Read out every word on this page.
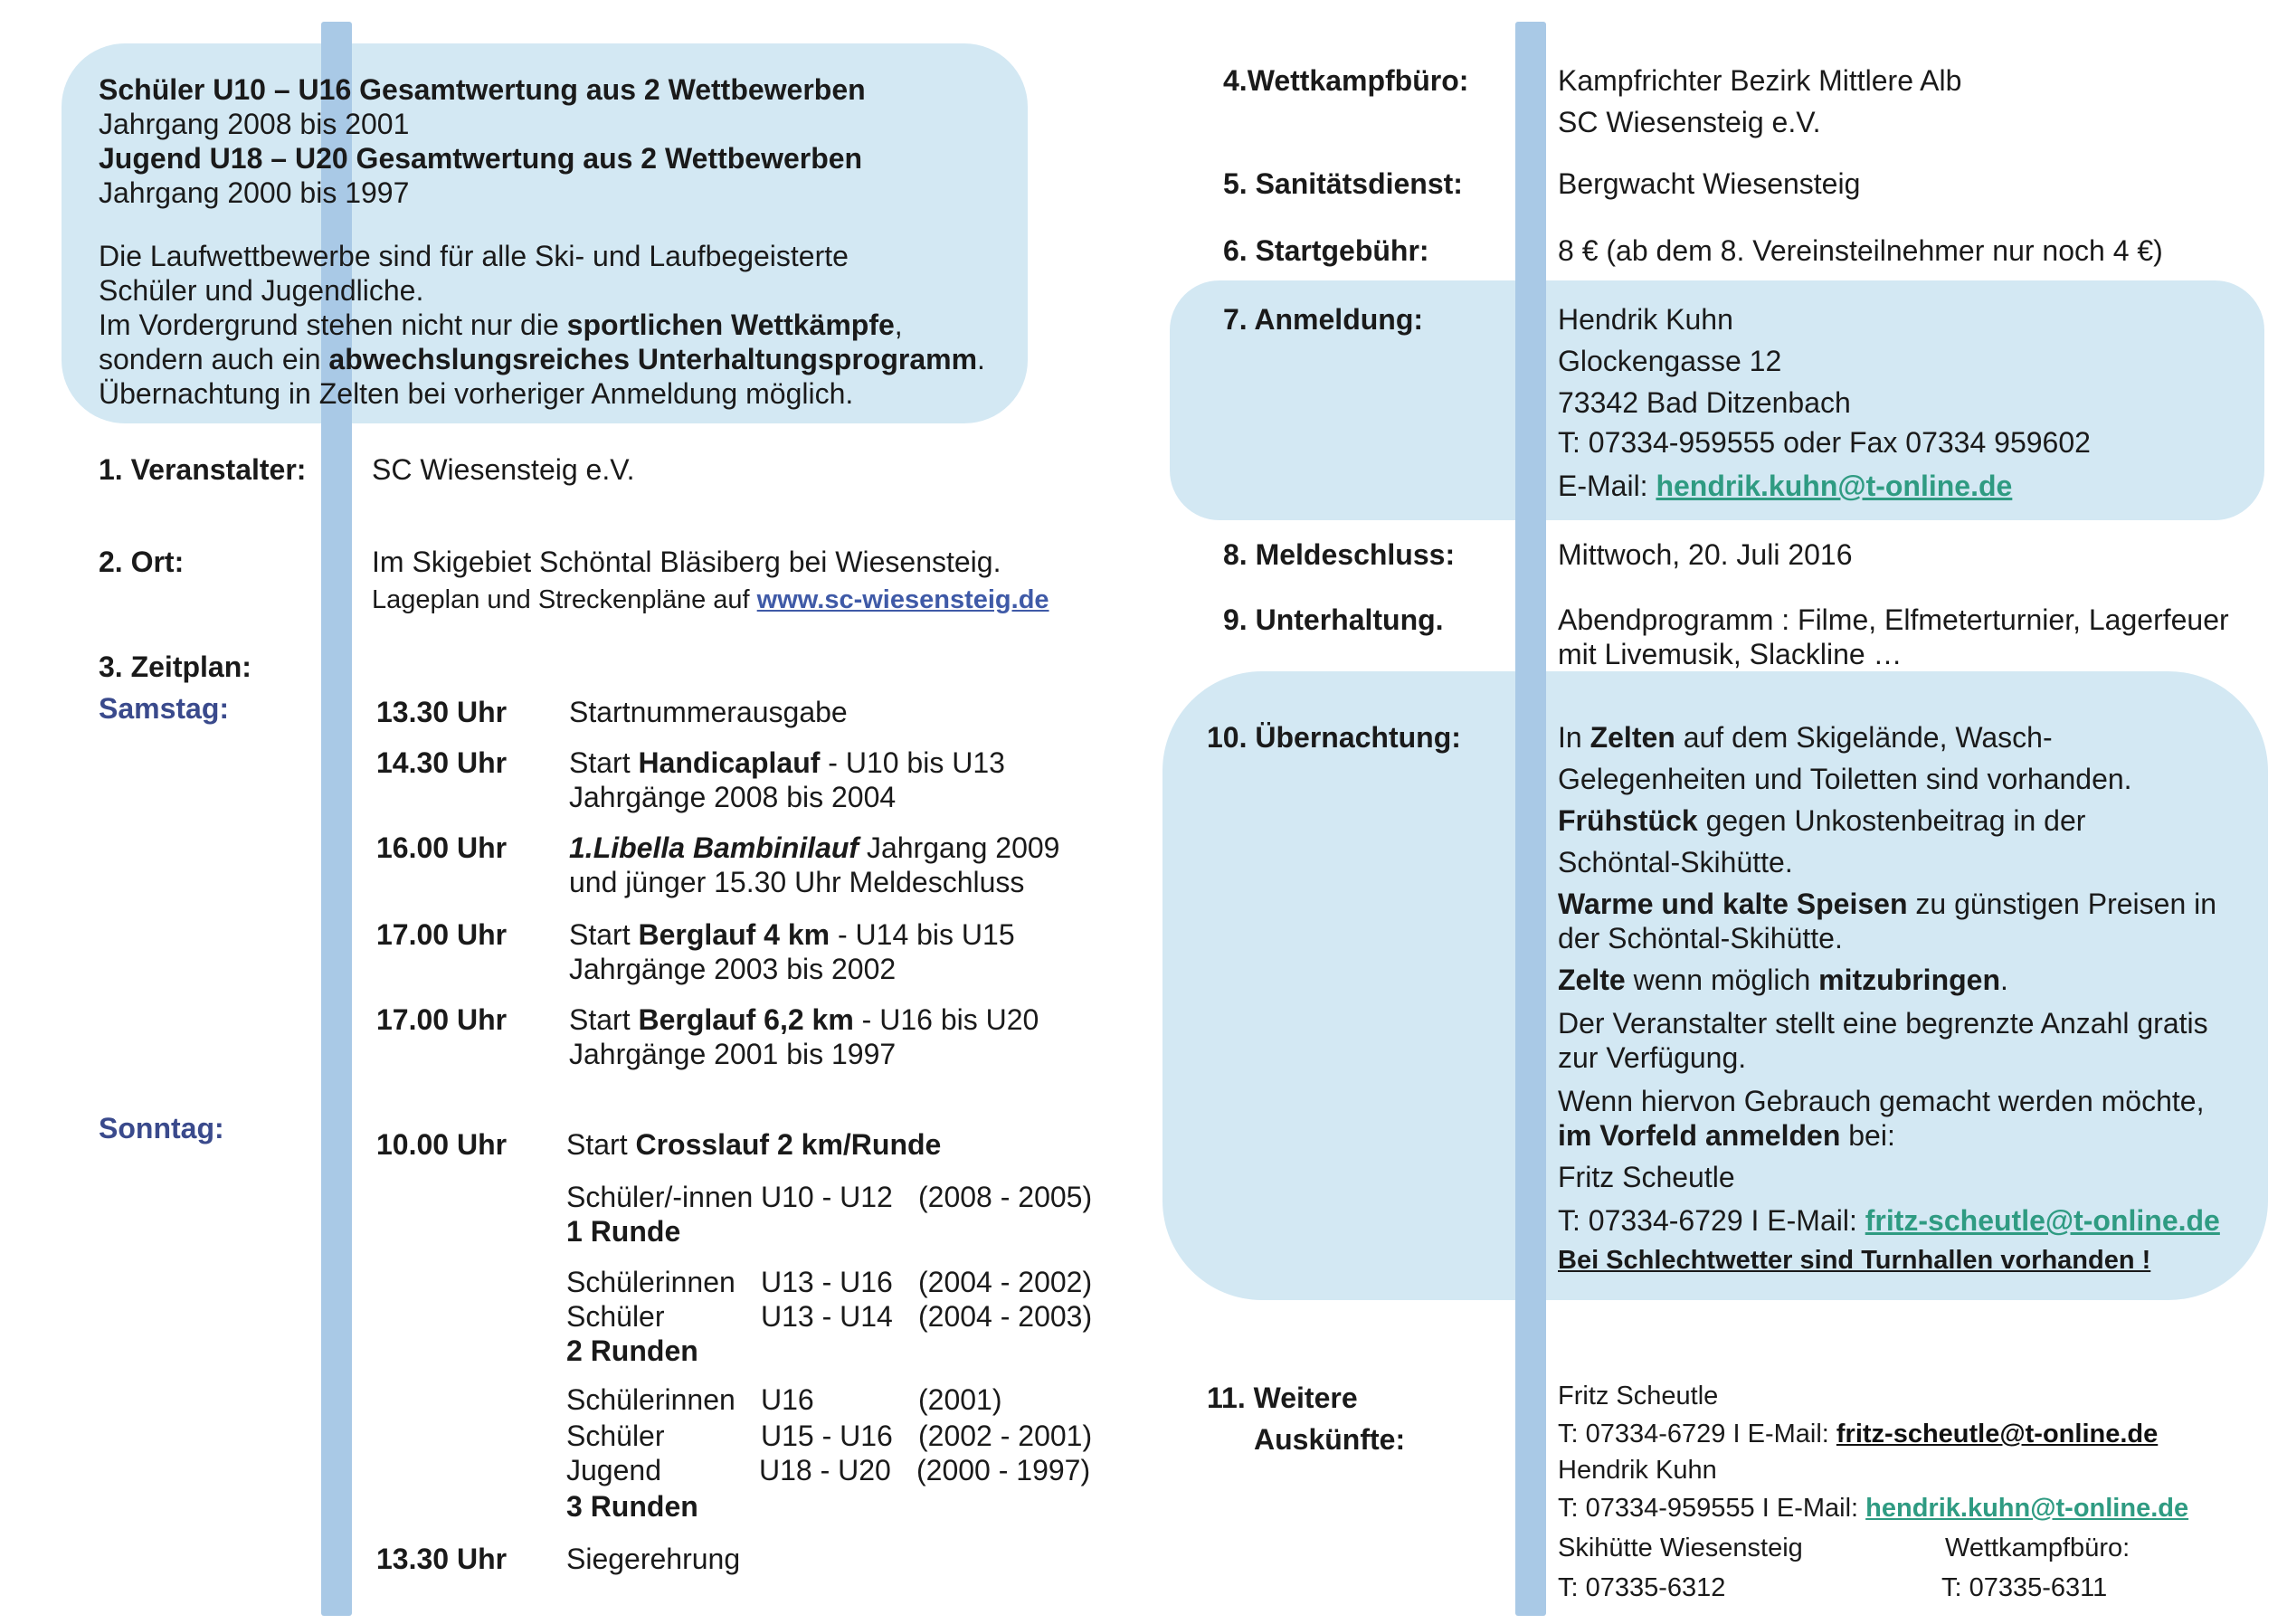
Schüler U10 – U16 Gesamtwertung aus 2 Wettbewerben
Jahrgang 2008 bis 2001
Jugend U18 – U20 Gesamtwertung aus 2 Wettbewerben
Jahrgang 2000 bis 1997
Die Laufwettbewerbe sind für alle Ski- und Laufbegeisterte
Schüler und Jugendliche.
Im Vordergrund stehen nicht nur die sportlichen Wettkämpfe,
sondern auch ein abwechslungsreiches Unterhaltungsprogramm.
Übernachtung in Zelten bei vorheriger Anmeldung möglich.
1. Veranstalter: SC Wiesensteig e.V.
2. Ort:	Im Skigebiet Schöntal Bläsiberg bei Wiesensteig.
Lageplan und Streckenpläne auf www.sc-wiesensteig.de
3. Zeitplan:
Samstag:	13.30 Uhr Startnummerausgabe
14.30 Uhr Start Handicaplauf - U10 bis U13
Jahrgänge 2008 bis 2004
16.00 Uhr 1.Libella Bambinilauf Jahrgang 2009
und jünger 15.30 Uhr Meldeschluss
17.00 Uhr Start Berglauf 4 km - U14 bis U15
Jahrgänge 2003 bis 2002
17.00 Uhr Start Berglauf 6,2 km - U16 bis U20
Jahrgänge 2001 bis 1997
Sonntag:	10.00 Uhr Start Crosslauf 2 km/Runde
Schüler/-innen U10 - U12 (2008 - 2005)
1 Runde
Schülerinnen U13 - U16 (2004 - 2002)
Schüler	U13 - U14 (2004 - 2003)
2 Runden
Schülerinnen U16	(2001)
Schüler	U15 - U16 (2002 - 2001)
Jugend	U18 - U20 (2000 - 1997)
3 Runden
13.30 Uhr Siegerehrung
4.Wettkampfbüro:	Kampfrichter Bezirk Mittlere Alb
SC Wiesensteig e.V.
5. Sanitätsdienst:	Bergwacht Wiesensteig
6. Startgebühr:	8 € (ab dem 8. Vereinsteilnehmer nur noch 4 €)
7. Anmeldung:	Hendrik Kuhn
Glockengasse 12
73342 Bad Ditzenbach
T: 07334-959555 oder Fax 07334 959602
E-Mail: hendrik.kuhn@t-online.de
8. Meldeschluss:	Mittwoch, 20. Juli 2016
9. Unterhaltung.	Abendprogramm : Filme, Elfmeterturnier, Lagerfeuer
mit Livemusik, Slackline …
10. Übernachtung:	In Zelten auf dem Skigelände, Wasch-
Gelegenheiten und Toiletten sind vorhanden.
Frühstück gegen Unkostenbeitrag in der
Schöntal-Skihütte.
Warme und kalte Speisen zu günstigen Preisen in
der Schöntal-Skihütte.
Zelte wenn möglich mitzubringen.
Der Veranstalter stellt eine begrenzte Anzahl gratis
zur Verfügung.
Wenn hiervon Gebrauch gemacht werden möchte,
im Vorfeld anmelden bei:
Fritz Scheutle
T: 07334-6729 I E-Mail: fritz-scheutle@t-online.de
Bei Schlechtwetter sind Turnhallen vorhanden !
11. Weitere
Auskünfte:
Fritz Scheutle
T: 07334-6729 I E-Mail: fritz-scheutle@t-online.de
Hendrik Kuhn
T: 07334-959555 I E-Mail: hendrik.kuhn@t-online.de
Skihütte Wiesensteig
T: 07335-6312
Wettkampfbüro:
T: 07335-6311
